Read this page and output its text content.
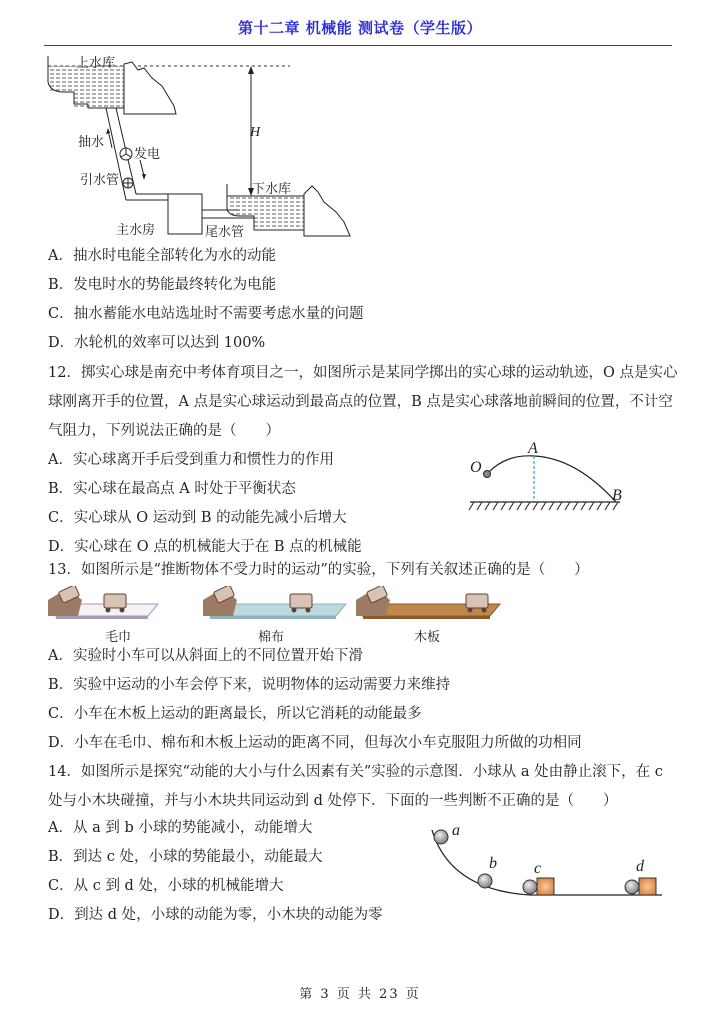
第十二章 机械能 测试卷（学生版）
上水库
抽水
发电
引水管
主水房	尾水管
下水库
H
A．抽水时电能全部转化为水的动能
B．发电时水的势能最终转化为电能
C．抽水蓄能水电站选址时不需要考虑水量的问题
D．水轮机的效率可以达到 100%
12．掷实心球是南充中考体育项目之一，如图所示是某同学掷出的实心球的运动轨迹，O 点是实心
球刚离开手的位置，A 点是实心球运动到最高点的位置，B 点是实心球落地前瞬间的位置，不计空
气阻力，下列说法正确的是（　　）
A．实心球离开手后受到重力和惯性力的作用
B．实心球在最高点 A 时处于平衡状态
C．实心球从 O 运动到 B 的动能先减小后增大
D．实心球在 O 点的机械能大于在 B 点的机械能
O
A
B
13．如图所示是“推断物体不受力时的运动”的实验，下列有关叙述正确的是（　　）
毛巾	棉布	木板
A．实验时小车可以从斜面上的不同位置开始下滑
B．实验中运动的小车会停下来，说明物体的运动需要力来维持
C．小车在木板上运动的距离最长，所以它消耗的动能最多
D．小车在毛巾、棉布和木板上运动的距离不同，但每次小车克服阻力所做的功相同
14．如图所示是探究“动能的大小与什么因素有关”实验的示意图．小球从 a 处由静止滚下，在 c
处与小木块碰撞，并与小木块共同运动到 d 处停下．下面的一些判断不正确的是（　　）
A．从 a 到 b 小球的势能减小，动能增大
B．到达 c 处，小球的势能最小，动能最大
C．从 c 到 d 处，小球的机械能增大
D．到达 d 处，小球的动能为零，小木块的动能为零
a
b c	d
第 3 页 共 23 页
